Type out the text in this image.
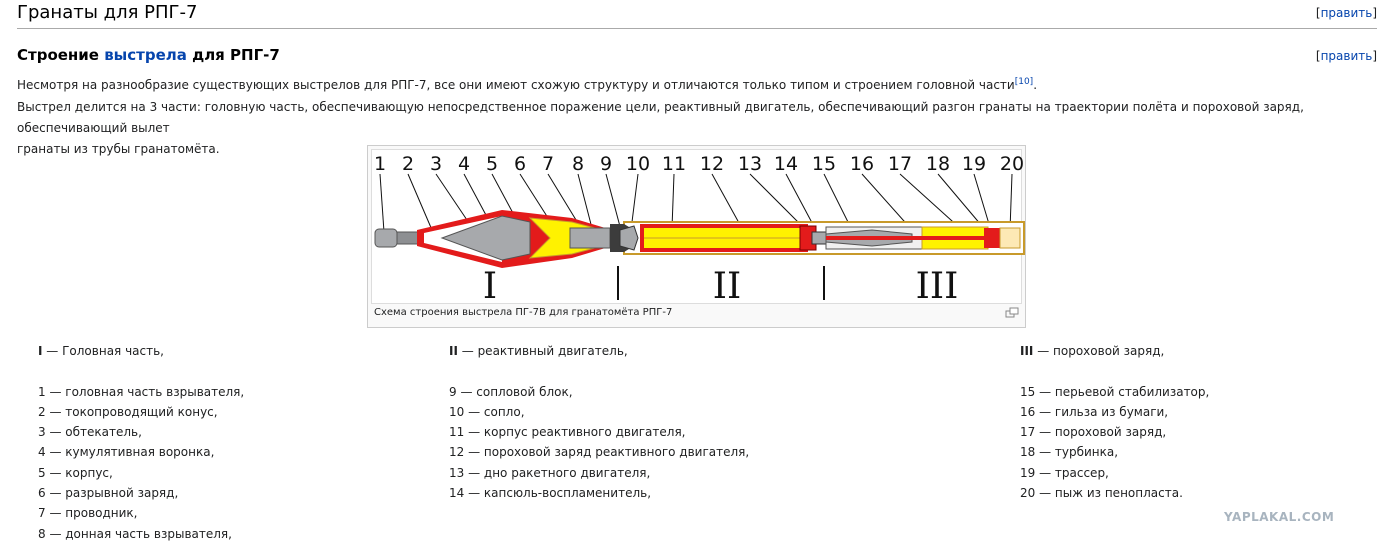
Гранаты для РПГ-7	[править]
Строение выстрела для РПГ-7	[править]
Несмотря на разнообразие существующих выстрелов для РПГ-7, все они имеют схожую структуру и отличаются только типом и строением головной части[10].
Выстрел делится на 3 части: головную часть, обеспечивающую непосредственное поражение цели, реактивный двигатель, обеспечивающий разгон гранаты на траектории полёта и пороховой заряд, обеспечивающий вылет
гранаты из трубы гранатомёта.
1 2 3 4 5 6 7 8 9 10 11 12 13 14 15 16 17 18 19 20
I	II	III
Схема строения выстрела ПГ-7В для гранатомёта РПГ-7
I — Головная часть,
1 — головная часть взрывателя,
2 — токопроводящий конус,
3 — обтекатель,
4 — кумулятивная воронка,
5 — корпус,
6 — разрывной заряд,
7 — проводник,
8 — донная часть взрывателя,
II — реактивный двигатель,
9 — сопловой блок,
10 — сопло,
11 — корпус реактивного двигателя,
12 — пороховой заряд реактивного двигателя,
13 — дно ракетного двигателя,
14 — капсюль-воспламенитель,
III — пороховой заряд,
15 — перьевой стабилизатор,
16 — гильза из бумаги,
17 — пороховой заряд,
18 — турбинка,
19 — трассер,
20 — пыж из пенопласта.
YAPLAKAL.COM
